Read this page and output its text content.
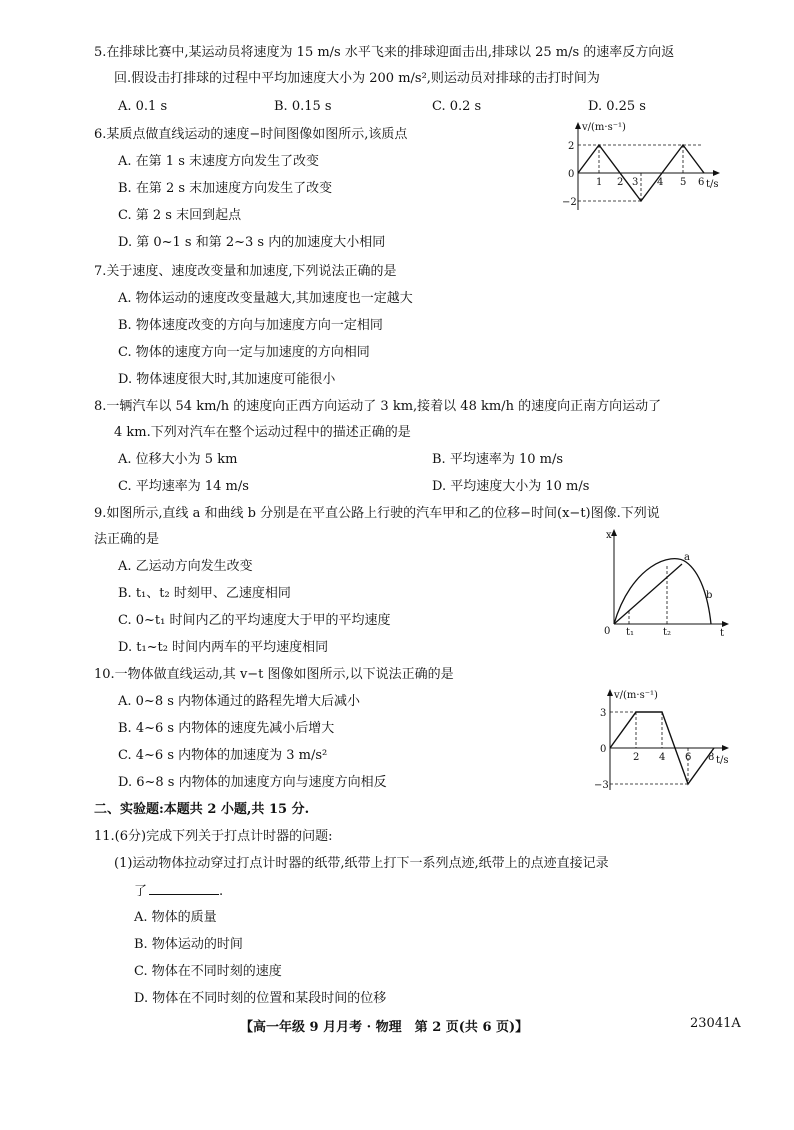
5.在排球比赛中,某运动员将速度为 15 m/s 水平飞来的排球迎面击出,排球以 25 m/s 的速率反方向返
回.假设击打排球的过程中平均加速度大小为 200 m/s²,则运动员对排球的击打时间为
A. 0.1 s	B. 0.15 s	C. 0.2 s	D. 0.25 s
6.某质点做直线运动的速度−时间图像如图所示,该质点
A. 在第 1 s 末速度方向发生了改变
B. 在第 2 s 末加速度方向发生了改变
C. 第 2 s 末回到起点
D. 第 0~1 s 和第 2~3 s 内的加速度大小相同
v/(m·s⁻¹)
t/s
2
0
−2
1 2 3 4 5 6
7.关于速度、速度改变量和加速度,下列说法正确的是
A. 物体运动的速度改变量越大,其加速度也一定越大
B. 物体速度改变的方向与加速度方向一定相同
C. 物体的速度方向一定与加速度的方向相同
D. 物体速度很大时,其加速度可能很小
8.一辆汽车以 54 km/h 的速度向正西方向运动了 3 km,接着以 48 km/h 的速度向正南方向运动了
4 km.下列对汽车在整个运动过程中的描述正确的是
A. 位移大小为 5 km	B. 平均速率为 10 m/s
C. 平均速率为 14 m/s	D. 平均速度大小为 10 m/s
9.如图所示,直线 a 和曲线 b 分别是在平直公路上行驶的汽车甲和乙的位移−时间(x−t)图像.下列说
法正确的是
A. 乙运动方向发生改变
B. t₁、t₂ 时刻甲、乙速度相同
C. 0~t₁ 时间内乙的平均速度大于甲的平均速度
D. t₁~t₂ 时间内两车的平均速度相同
x
t
0
a
b
t₁	t₂
10.一物体做直线运动,其 v−t 图像如图所示,以下说法正确的是
A. 0~8 s 内物体通过的路程先增大后减小
B. 4~6 s 内物体的速度先减小后增大
C. 4~6 s 内物体的加速度为 3 m/s²
D. 6~8 s 内物体的加速度方向与速度方向相反
v/(m·s⁻¹)
t/s
3
0
−3
2 4 6 8
二、实验题:本题共 2 小题,共 15 分.
11.(6分)完成下列关于打点计时器的问题:
(1)运动物体拉动穿过打点计时器的纸带,纸带上打下一系列点迹,纸带上的点迹直接记录
了	.
A. 物体的质量
B. 物体运动的时间
C. 物体在不同时刻的速度
D. 物体在不同时刻的位置和某段时间的位移
【高一年级 9 月月考 · 物理　第 2 页(共 6 页)】	23041A
